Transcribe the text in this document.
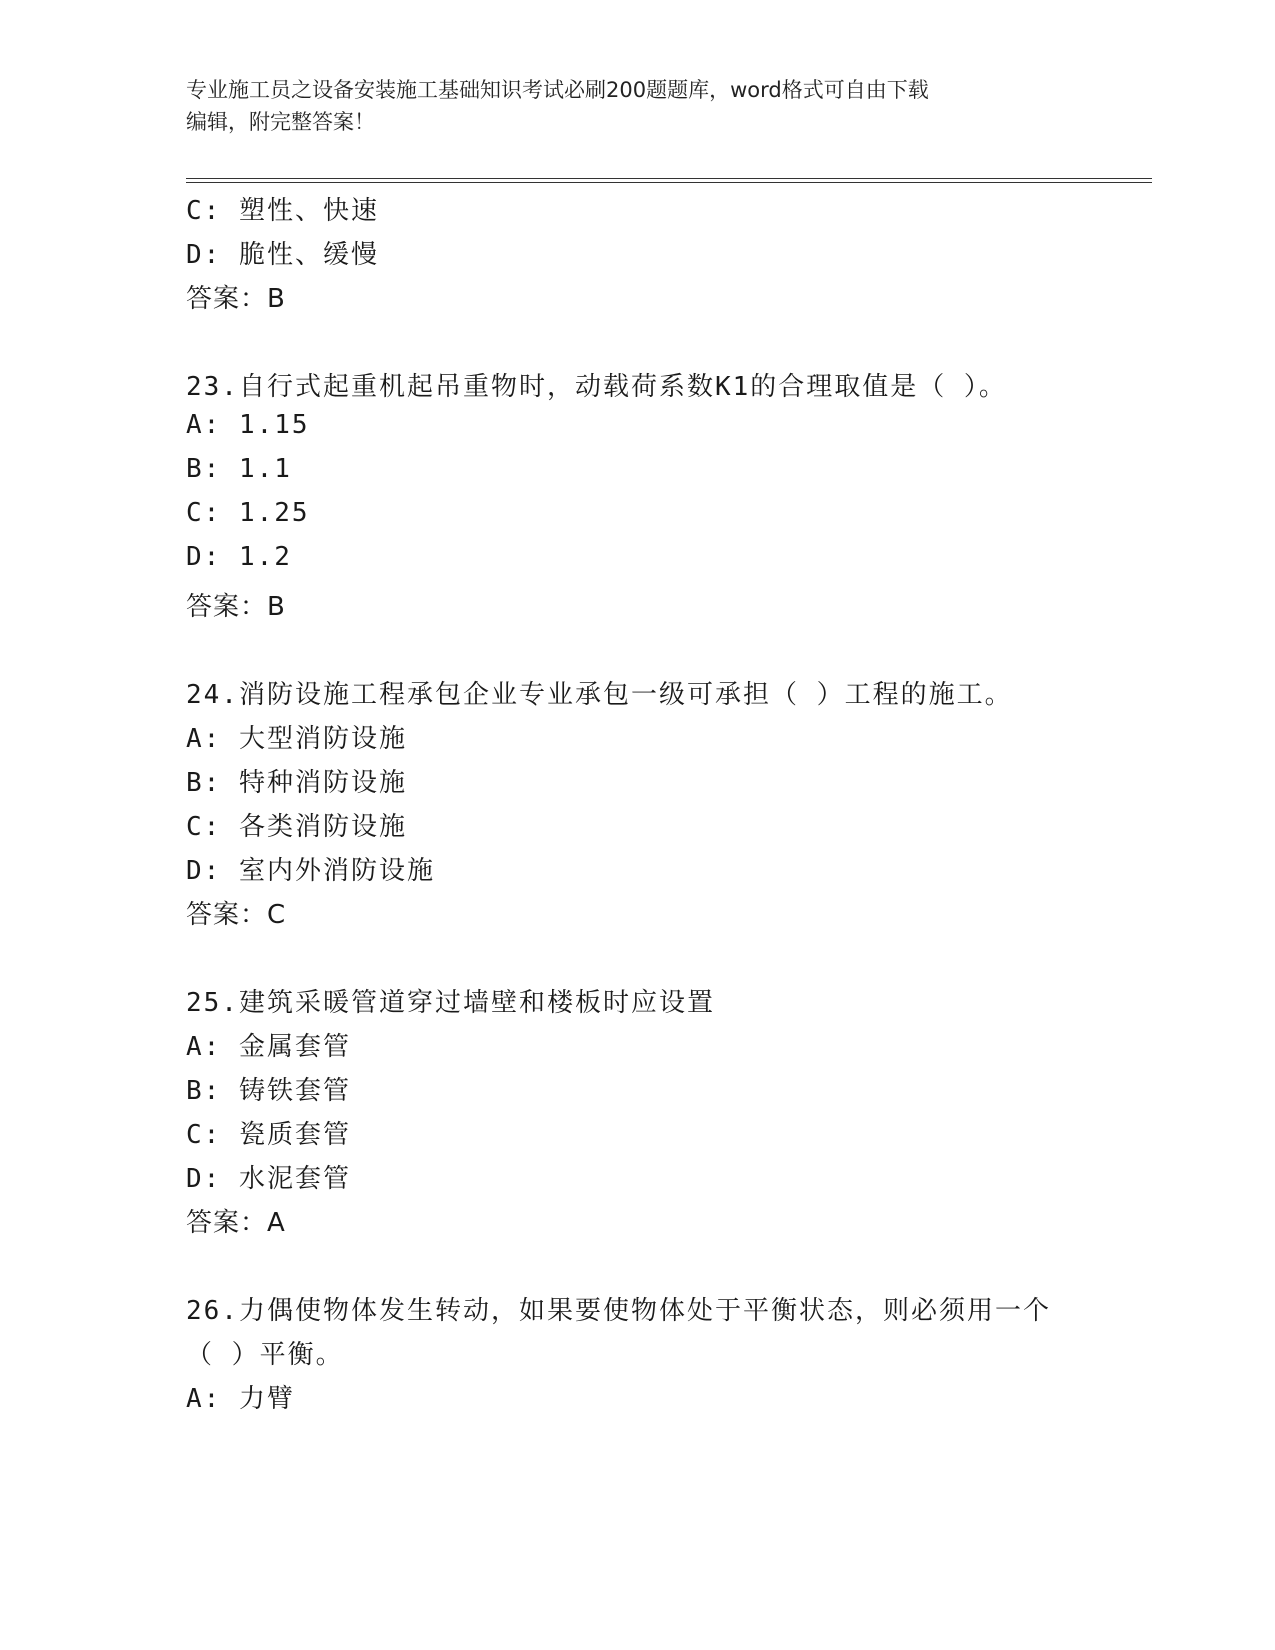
专业施工员之设备安装施工基础知识考试必刷200题题库，word格式可自由下载
编辑，附完整答案！
C: 塑性、快速
D: 脆性、缓慢
答案：B
23.自行式起重机起吊重物时，动载荷系数K1的合理取值是（ ）。
A: 1.15
B: 1.1
C: 1.25
D: 1.2
答案：B
24.消防设施工程承包企业专业承包一级可承担（ ）工程的施工。
A: 大型消防设施
B: 特种消防设施
C: 各类消防设施
D: 室内外消防设施
答案：C
25.建筑采暖管道穿过墙壁和楼板时应设置
A: 金属套管
B: 铸铁套管
C: 瓷质套管
D: 水泥套管
答案：A
26.力偶使物体发生转动，如果要使物体处于平衡状态，则必须用一个
（ ）平衡。
A: 力臂
